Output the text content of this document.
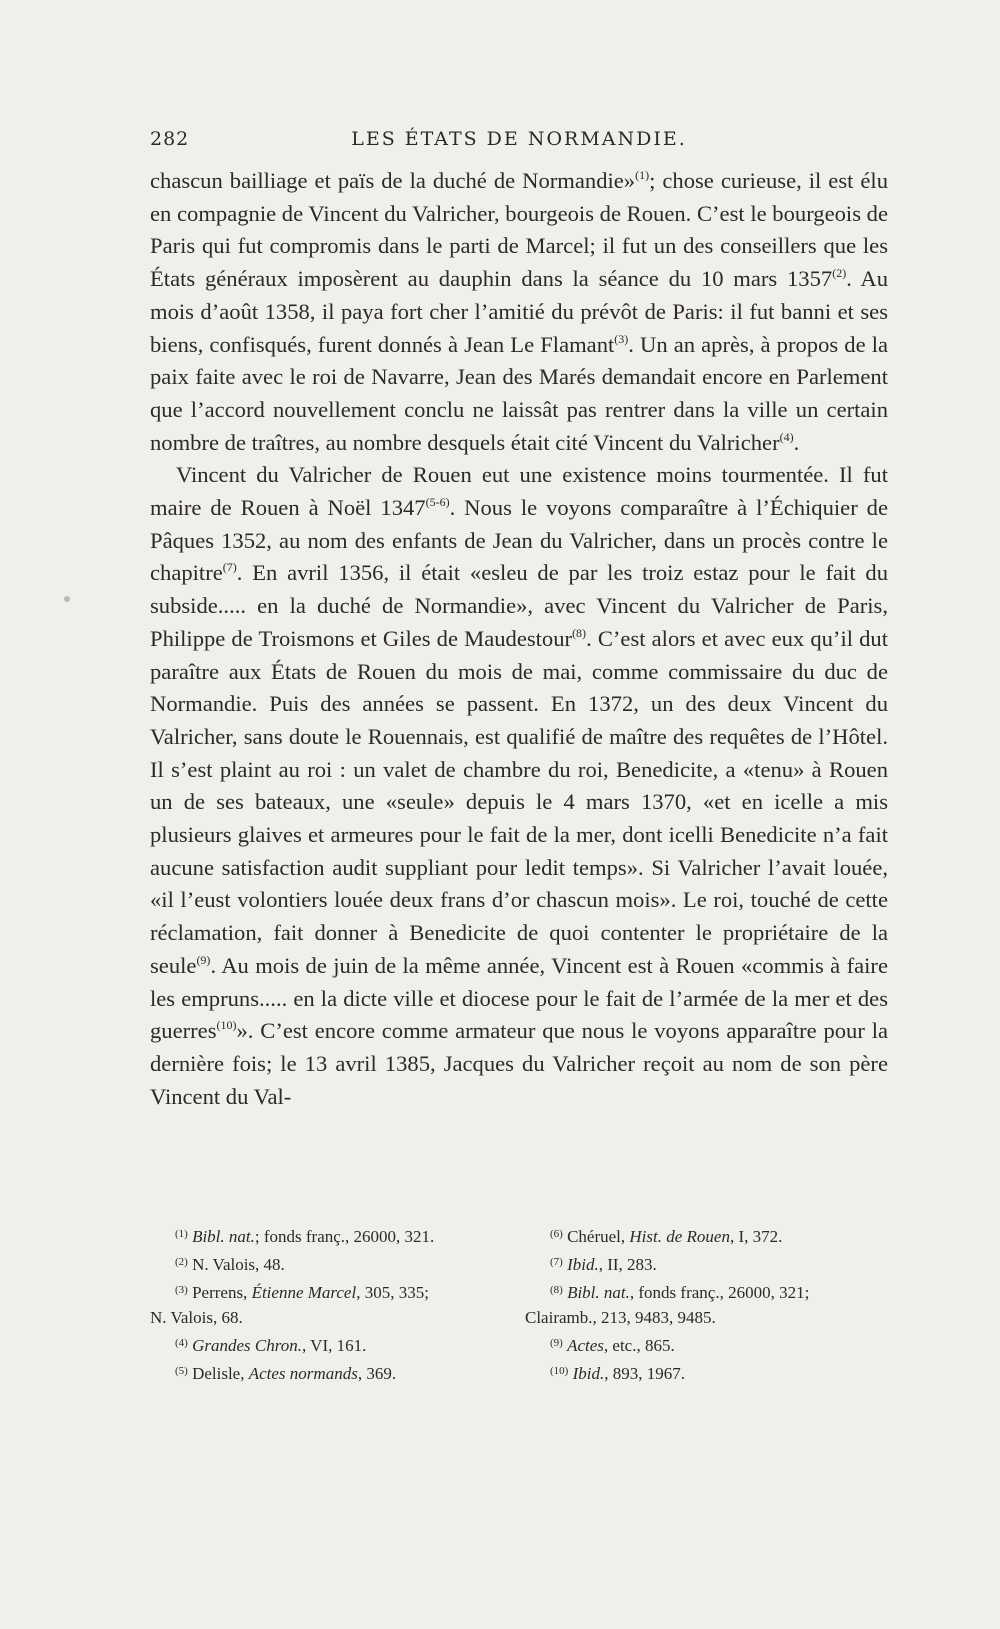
282	LES ÉTATS DE NORMANDIE.

chascun bailliage et païs de la duché de Normandie»$^{(1)}$; chose curieuse, il est élu en compagnie de Vincent du Valricher, bourgeois de Rouen. C’est le bourgeois de Paris qui fut compromis dans le parti de Marcel; il fut un des conseillers que les États généraux imposèrent au dauphin dans la séance du 10 mars 1357$^{(2)}$. Au mois d’août 1358, il paya fort cher l’amitié du prévôt de Paris: il fut banni et ses biens, confisqués, furent donnés à Jean Le Flamant$^{(3)}$. Un an après, à propos de la paix faite avec le roi de Navarre, Jean des Marés demandait encore en Parlement que l’accord nouvellement conclu ne laissât pas rentrer dans la ville un certain nombre de traîtres, au nombre desquels était cité Vincent du Valricher$^{(4)}$.

Vincent du Valricher de Rouen eut une existence moins tourmentée. Il fut maire de Rouen à Noël 1347$^{(5-6)}$. Nous le voyons comparaître à l’Échiquier de Pâques 1352, au nom des enfants de Jean du Valricher, dans un procès contre le chapitre$^{(7)}$. En avril 1356, il était «esleu de par les troiz estaz pour le fait du subside..... en la duché de Normandie», avec Vincent du Valricher de Paris, Philippe de Troismons et Giles de Maudestour$^{(8)}$. C’est alors et avec eux qu’il dut paraître aux États de Rouen du mois de mai, comme commissaire du duc de Normandie. Puis des années se passent. En 1372, un des deux Vincent du Valricher, sans doute le Rouennais, est qualifié de maître des requêtes de l’Hôtel. Il s’est plaint au roi : un valet de chambre du roi, Benedicite, a «tenu» à Rouen un de ses bateaux, une «seule» depuis le 4 mars 1370, «et en icelle a mis plusieurs glaives et armeures pour le fait de la mer, dont icelli Benedicite n’a fait aucune satisfaction audit suppliant pour ledit temps». Si Valricher l’avait louée, «il l’eust volontiers louée deux frans d’or chascun mois». Le roi, touché de cette réclamation, fait donner à Benedicite de quoi contenter le propriétaire de la seule$^{(9)}$. Au mois de juin de la même année, Vincent est à Rouen «commis à faire les empruns..... en la dicte ville et diocese pour le fait de l’armée de la mer et des guerres$^{(10)}$». C’est encore comme armateur que nous le voyons apparaître pour la dernière fois; le 13 avril 1385, Jacques du Valricher reçoit au nom de son père Vincent du Val-

$^{(1)}$ Bibl. nat.; fonds franç., 26000, 321.

$^{(2)}$ N. Valois, 48.

$^{(3)}$ Perrens, Étienne Marcel, 305, 335;

N. Valois, 68.

$^{(4)}$ Grandes Chron., VI, 161.

$^{(5)}$ Delisle, Actes normands, 369.

$^{(6)}$ Chéruel, Hist. de Rouen, I, 372.

$^{(7)}$ Ibid., II, 283.

$^{(8)}$ Bibl. nat., fonds franç., 26000, 321;

Clairamb., 213, 9483, 9485.

$^{(9)}$ Actes, etc., 865.

$^{(10)}$ Ibid., 893, 1967.
